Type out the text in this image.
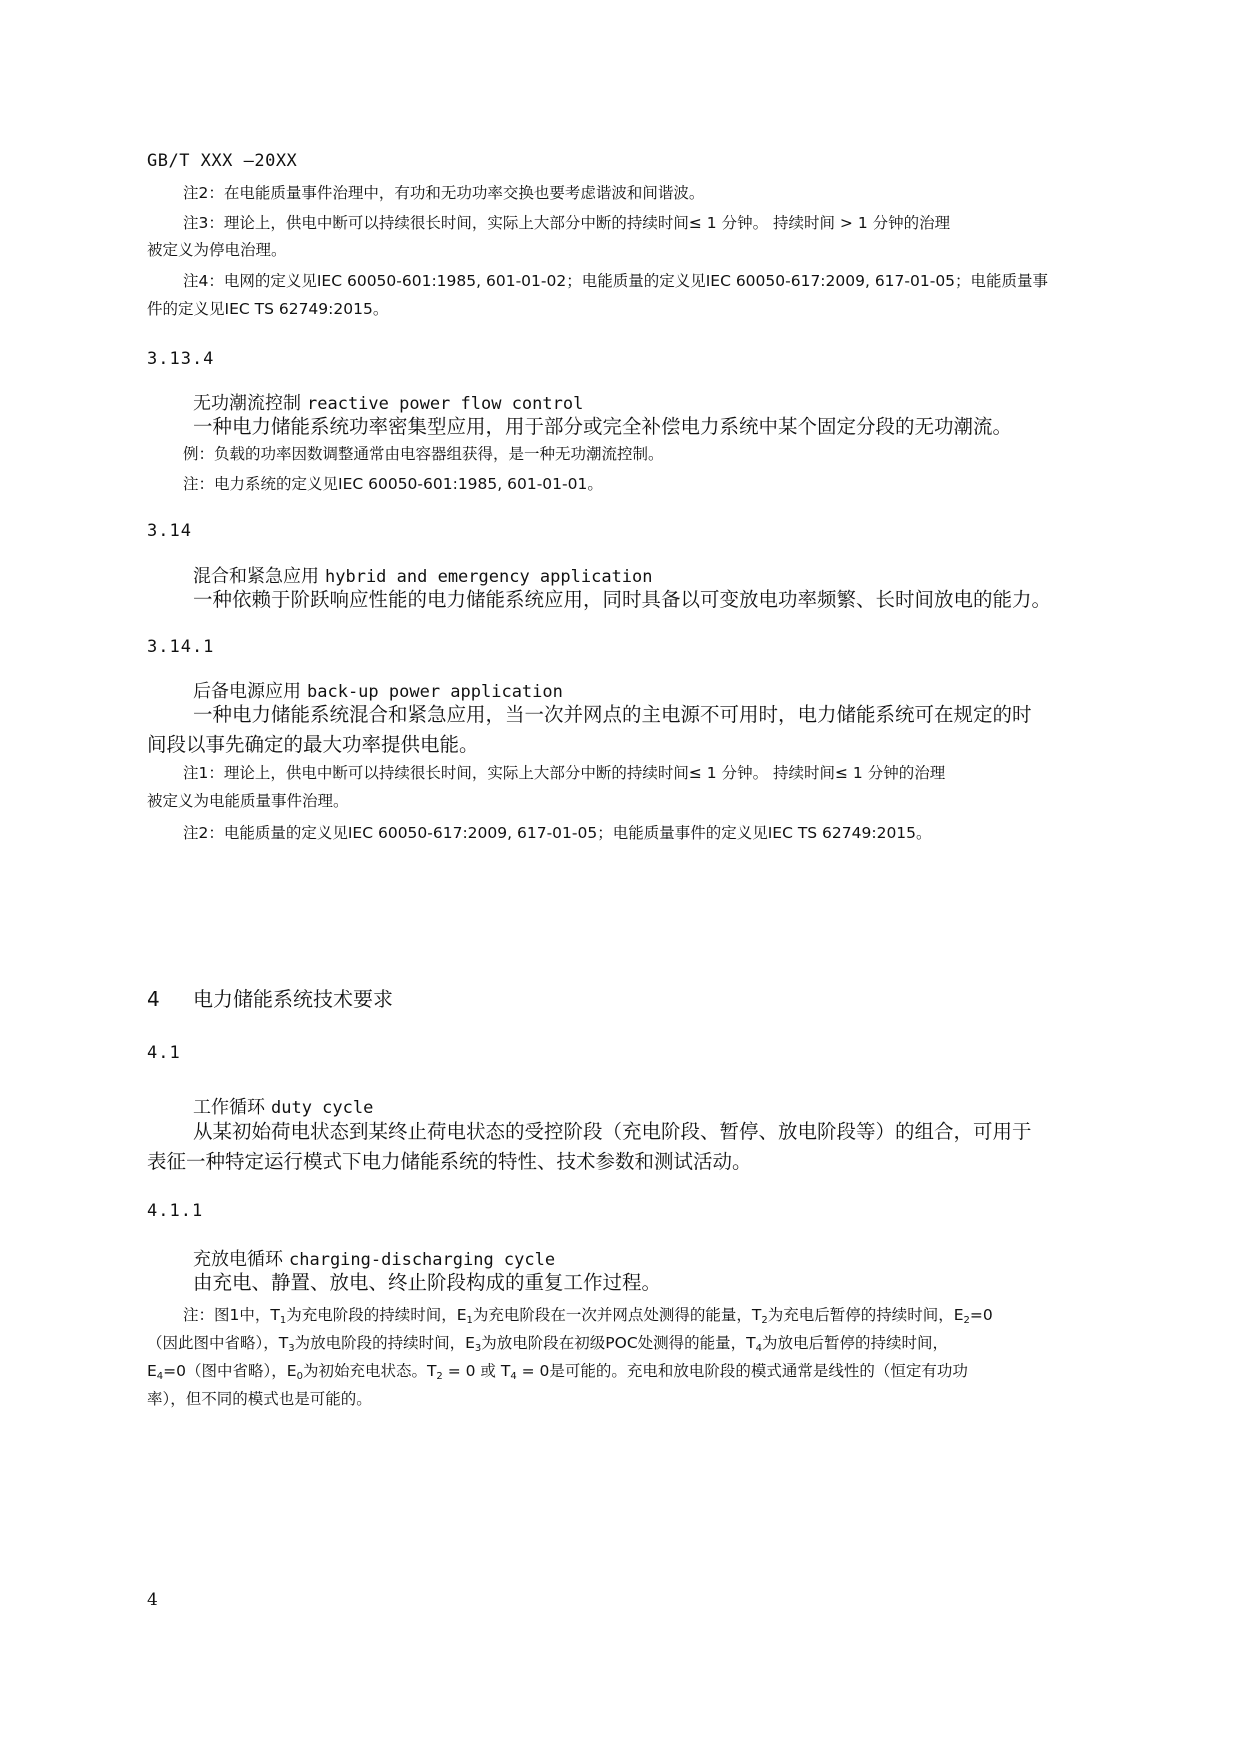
GB/T XXX —20XX
注2：在电能质量事件治理中，有功和无功功率交换也要考虑谐波和间谐波。
注3：理论上，供电中断可以持续很长时间，实际上大部分中断的持续时间≤ 1 分钟。 持续时间 > 1 分钟的治理
被定义为停电治理。
注4：电网的定义见IEC 60050-601:1985, 601-01-02；电能质量的定义见IEC 60050-617:2009, 617-01-05；电能质量事
件的定义见IEC TS 62749:2015。
3.13.4
无功潮流控制 reactive power flow control
一种电力储能系统功率密集型应用，用于部分或完全补偿电力系统中某个固定分段的无功潮流。
例：负载的功率因数调整通常由电容器组获得，是一种无功潮流控制。
注：电力系统的定义见IEC 60050-601:1985, 601-01-01。
3.14
混合和紧急应用 hybrid and emergency application
一种依赖于阶跃响应性能的电力储能系统应用，同时具备以可变放电功率频繁、长时间放电的能力。
3.14.1
后备电源应用 back-up power application
一种电力储能系统混合和紧急应用，当一次并网点的主电源不可用时，电力储能系统可在规定的时
间段以事先确定的最大功率提供电能。
注1：理论上，供电中断可以持续很长时间，实际上大部分中断的持续时间≤ 1 分钟。 持续时间≤ 1 分钟的治理
被定义为电能质量事件治理。
注2：电能质量的定义见IEC 60050-617:2009, 617-01-05；电能质量事件的定义见IEC TS 62749:2015。
4 电力储能系统技术要求
4.1
工作循环 duty cycle
从某初始荷电状态到某终止荷电状态的受控阶段（充电阶段、暂停、放电阶段等）的组合，可用于
表征一种特定运行模式下电力储能系统的特性、技术参数和测试活动。
4.1.1
充放电循环 charging-discharging cycle
由充电、静置、放电、终止阶段构成的重复工作过程。
注：图1中，$T_1$为充电阶段的持续时间，$E_1$为充电阶段在一次并网点处测得的能量，$T_2$为充电后暂停的持续时间，$E_2=0$
（因此图中省略），$T_3$为放电阶段的持续时间，$E_3$为放电阶段在初级POC处测得的能量，$T_4$为放电后暂停的持续时间，
$E_4=0$（图中省略），$E_0$为初始充电状态。$T_2 = 0$ 或 $T_4 = 0$是可能的。充电和放电阶段的模式通常是线性的（恒定有功功
率），但不同的模式也是可能的。
4
